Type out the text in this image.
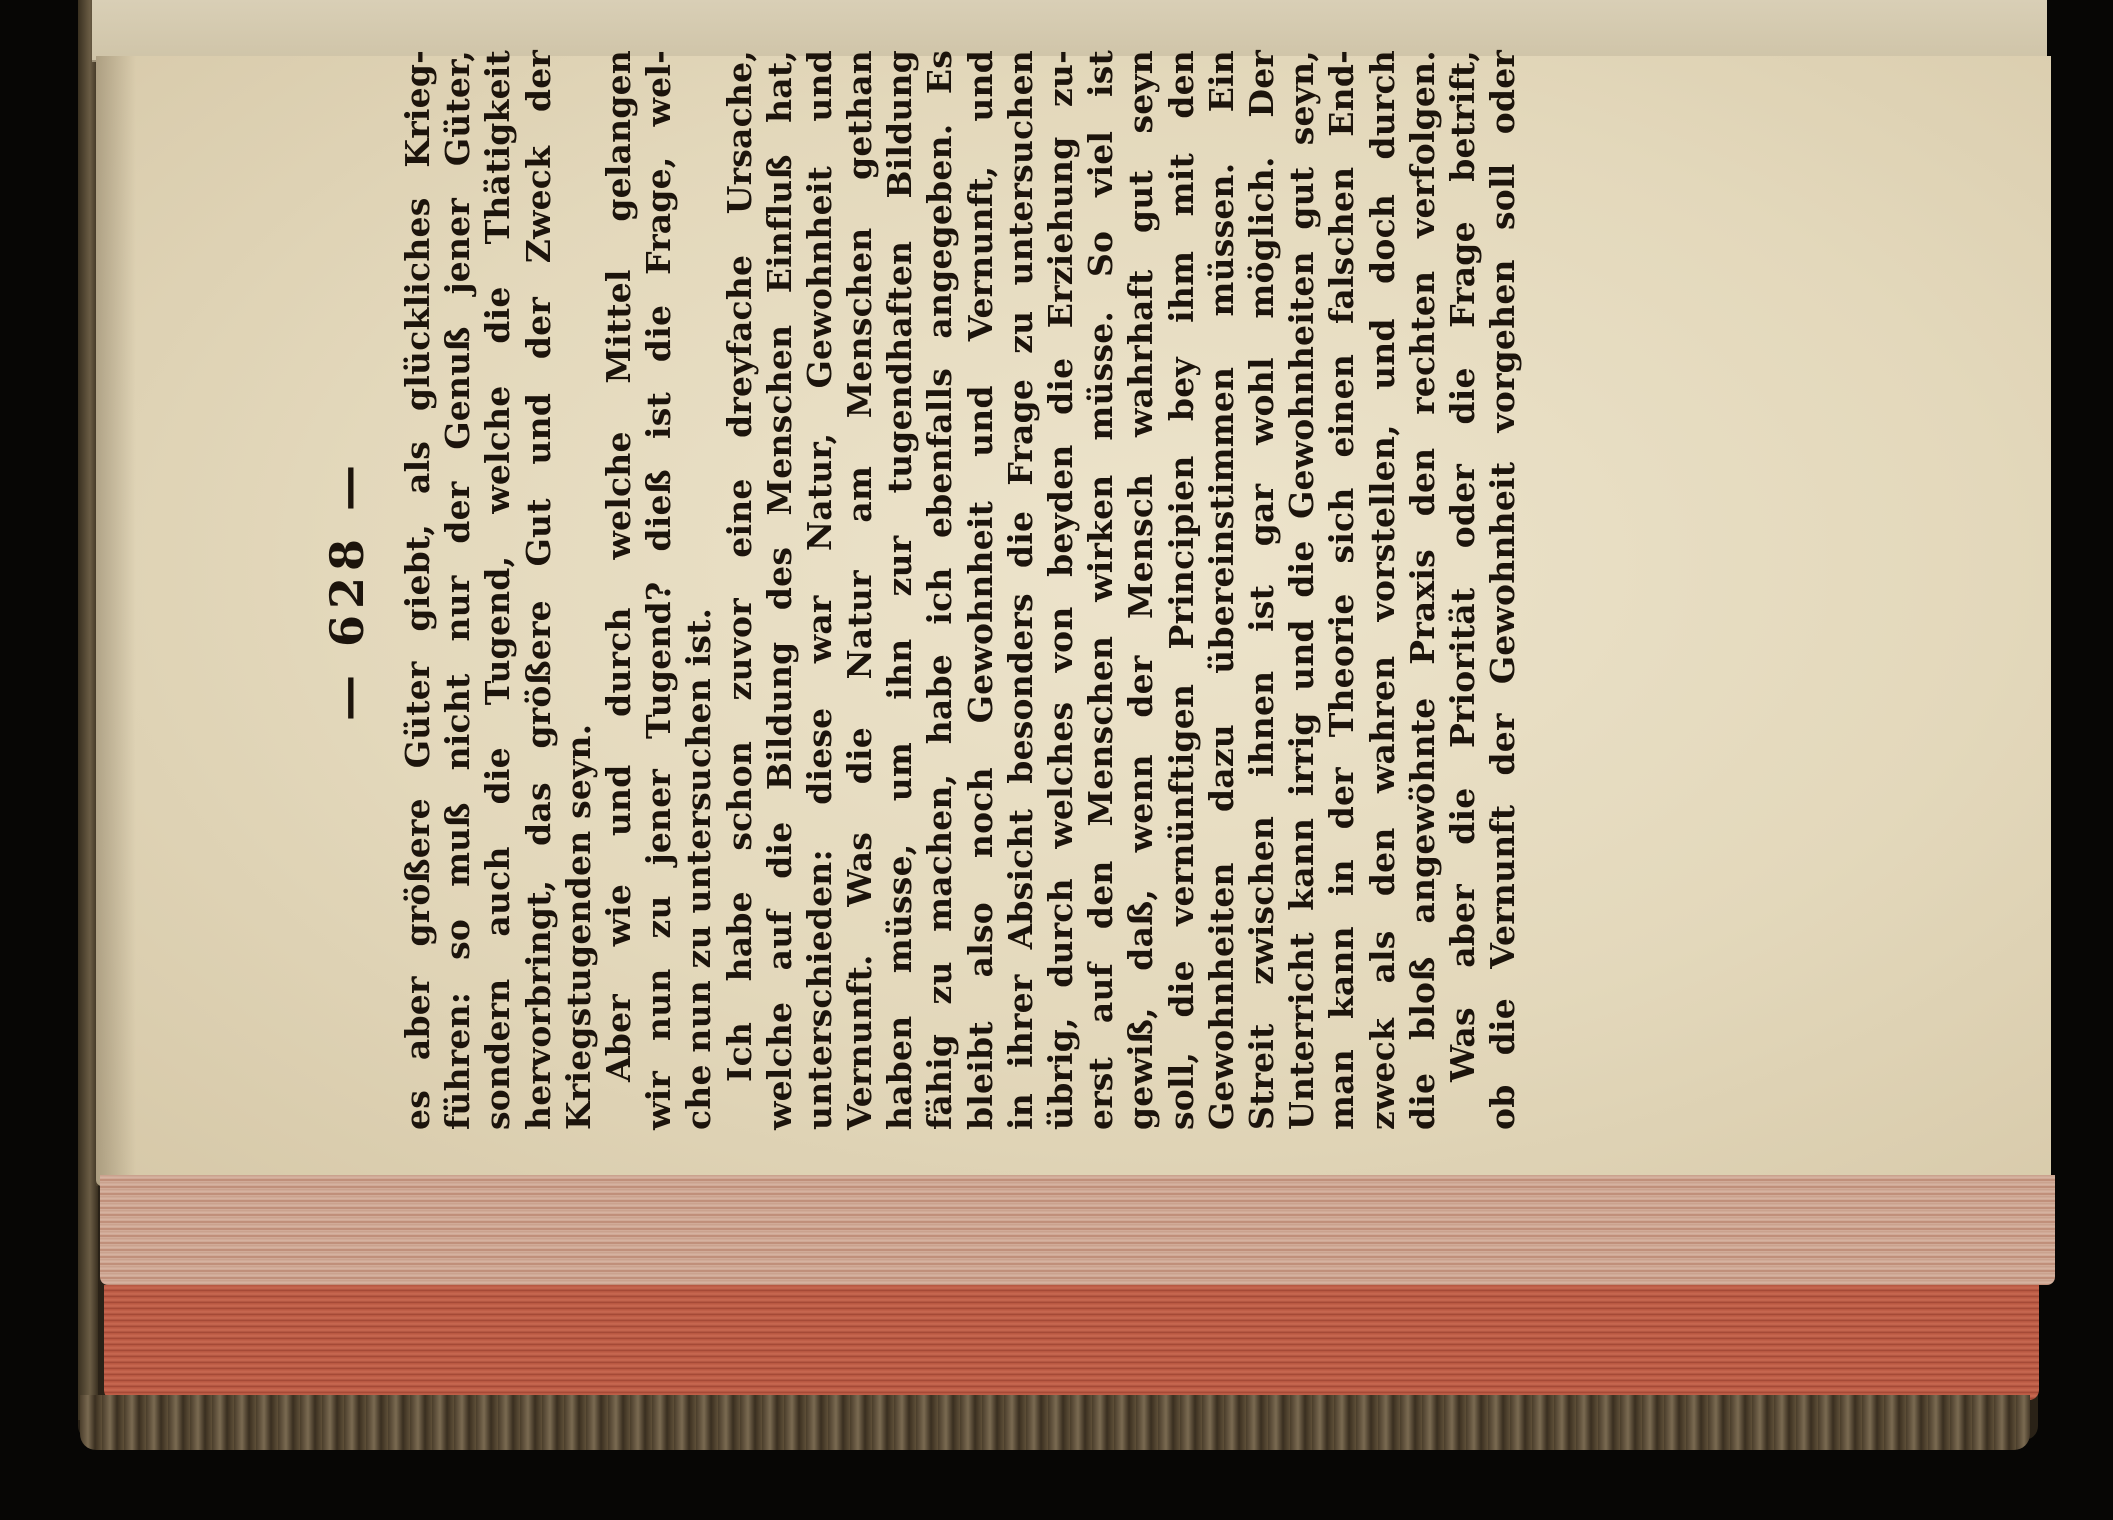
— 628 — es aber größere Güter giebt, als glückliches Krieg- führen: so muß nicht nur der Genuß jener Güter, sondern auch die Tugend, welche die Thätigkeit hervorbringt, das größere Gut und der Zweck der Kriegstugenden seyn. Aber wie und durch welche Mittel gelangen wir nun zu jener Tugend? dieß ist die Frage, wel- che nun zu untersuchen ist. Ich habe schon zuvor eine dreyfache Ursache, welche auf die Bildung des Menschen Einfluß hat, unterschieden: diese war Natur, Gewohnheit und Vernunft. Was die Natur am Menschen gethan haben müsse, um ihn zur tugendhaften Bildung fähig zu machen, habe ich ebenfalls angegeben. Es bleibt also noch Gewohnheit und Vernunft, und in ihrer Absicht besonders die Frage zu untersuchen übrig, durch welches von beyden die Erziehung zu- erst auf den Menschen wirken müsse. So viel ist gewiß, daß, wenn der Mensch wahrhaft gut seyn soll, die vernünftigen Principien bey ihm mit den Gewohnheiten dazu übereinstimmen müssen. Ein Streit zwischen ihnen ist gar wohl möglich. Der Unterricht kann irrig und die Gewohnheiten gut seyn, man kann in der Theorie sich einen falschen End- zweck als den wahren vorstellen, und doch durch die bloß angewöhnte Praxis den rechten verfolgen. Was aber die Priorität oder die Frage betrift, ob die Vernunft der Gewohnheit vorgehen soll oder
